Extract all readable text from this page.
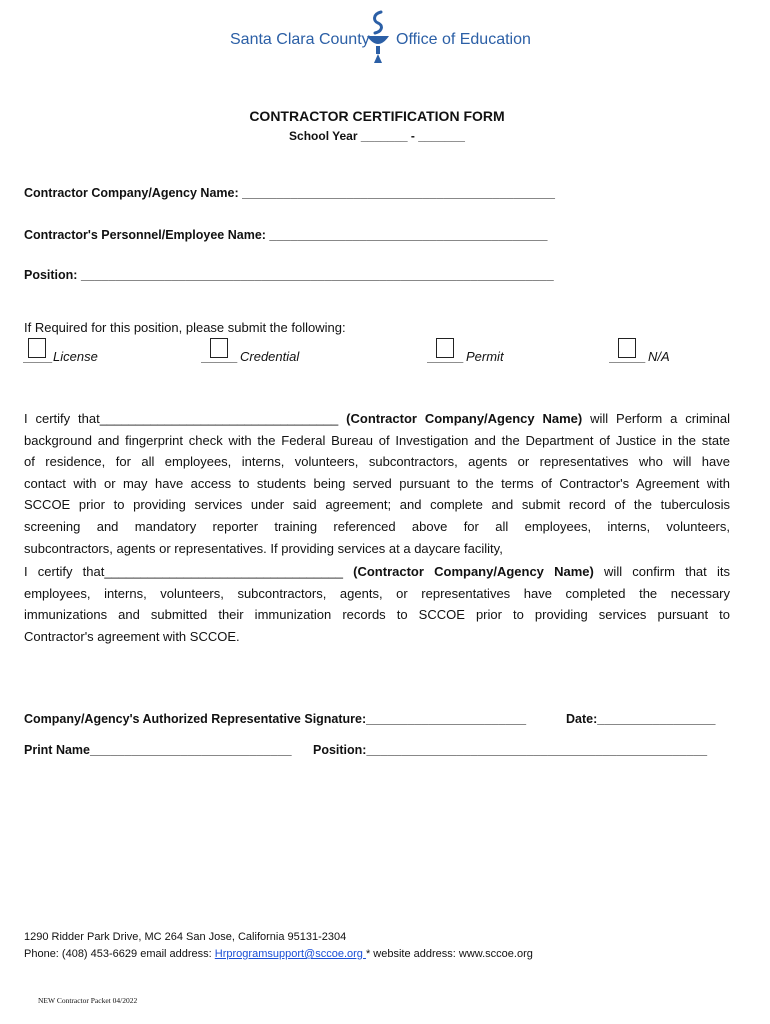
Santa Clara County Office of Education
CONTRACTOR CERTIFICATION FORM
School Year _______ - _______
Contractor Company/Agency Name: _____________________________________________
Contractor's Personnel/Employee Name: ________________________________________
Position: ____________________________________________________________________
If Required for this position, please submit the following:
____ License	_____ Credential	_____ Permit	_____ N/A

I certify that_________________________________ (Contractor Company/Agency Name) will Perform a criminal

background and fingerprint check with the Federal Bureau of Investigation and the Department of Justice in the state

of residence, for all employees, interns, volunteers, subcontractors, agents or representatives who will have

contact with or may have access to students being served pursuant to the terms of Contractor's Agreement with

SCCOE prior to providing services under said agreement; and complete and submit record of the tuberculosis

screening and mandatory reporter training referenced above for all employees, interns, volunteers,

subcontractors, agents or representatives. If providing services at a daycare facility,

I certify that_________________________________ (Contractor Company/Agency Name) will confirm that its

employees, interns, volunteers, subcontractors, agents, or representatives have completed the necessary

immunizations and submitted their immunization records to SCCOE prior to providing services pursuant to

Contractor's agreement with SCCOE.

Company/Agency's Authorized Representative Signature:_______________________	Date:_________________
Print Name_____________________________ Position:_________________________________________________
1290 Ridder Park Drive, MC 264 San Jose, California 95131-2304
Phone: (408) 453-6629 email address: Hrprogramsupport@sccoe.org * website address: www.sccoe.org
NEW Contractor Packet 04/2022
